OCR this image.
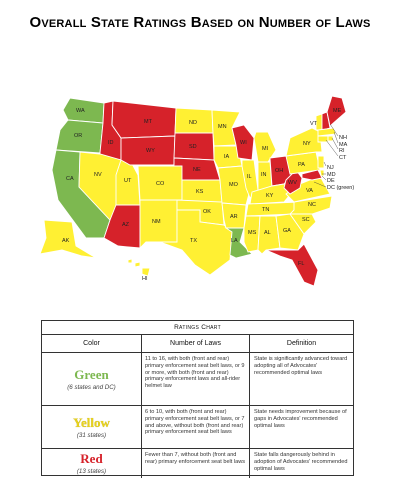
Overall State Ratings Based on Number of Laws
WA
OR
CA
ID
NV
UT
AZ
MT
WY
CO
NM
ND
SD
NE
KS
OK
TX
MN
IA
MO
AR
LA
WI
IL
MI
IN
OH
KY
TN
MS AL GA
FL
SC
NC
VA
WV
PA
NY
ME
VT
NH
MA
RI
CT
NJ
MD
DE
DC (green)
AK
HI
Ratings Chart
Color	Number of Laws	Definition
Green
(6 states and DC)
11 to 16, with both (front and rear) primary enforcement seat belt laws, or 9 or more, with both (front and rear) primary enforcement laws and all-rider helmet law
State is significantly advanced toward adopting all of Advocates' recommended optimal laws
Yellow
(31 states)
6 to 10, with both (front and rear) primary enforcement seat belt laws, or 7 and above, without both (front and rear) primary enforcement seat belt laws
State needs improvement because of gaps in Advocates' recommended optimal laws
Red
(13 states)
Fewer than 7, without both (front and rear) primary enforcement seat belt laws
State falls dangerously behind in adoption of Advocates' recommended optimal laws
